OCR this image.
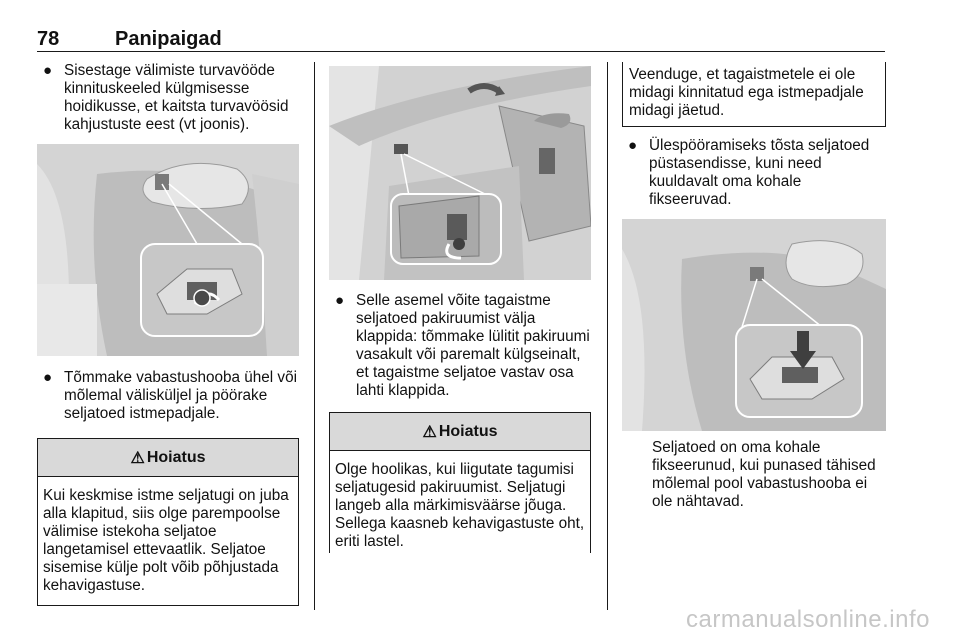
78	Panipaigad
● Sisestage välimiste turvavööde kinnituskeeled külgmisesse hoidikusse, et kaitsta turvavöösid kahjustuste eest (vt joonis).
● Tõmmake vabastushooba ühel või mõlemal välisküljel ja pöörake seljatoed istmepadjale.
⚠ Hoiatus
Kui keskmise istme seljatugi on juba alla klapitud, siis olge parempoolse välimise istekoha seljatoe langetamisel ettevaatlik. Seljatoe sisemise külje polt võib põhjustada kehavigastuse.
● Selle asemel võite tagaistme seljatoed pakiruumist välja klappida: tõmmake lülitit pakiruumi vasakult või paremalt külgseinalt, et tagaistme seljatoe vastav osa lahti klappida.
⚠ Hoiatus
Olge hoolikas, kui liigutate tagumisi seljatugesid pakiruumist. Seljatugi langeb alla märkimisväärse jõuga. Sellega kaasneb kehavigastuste oht, eriti lastel.
Veenduge, et tagaistmetele ei ole midagi kinnitatud ega istmepadjale midagi jäetud.
● Ülespööramiseks tõsta seljatoed püstasendisse, kuni need kuuldavalt oma kohale fikseeruvad.
Seljatoed on oma kohale fikseerunud, kui punased tähised mõlemal pool vabastushooba ei ole nähtavad.
carmanualsonline.info
